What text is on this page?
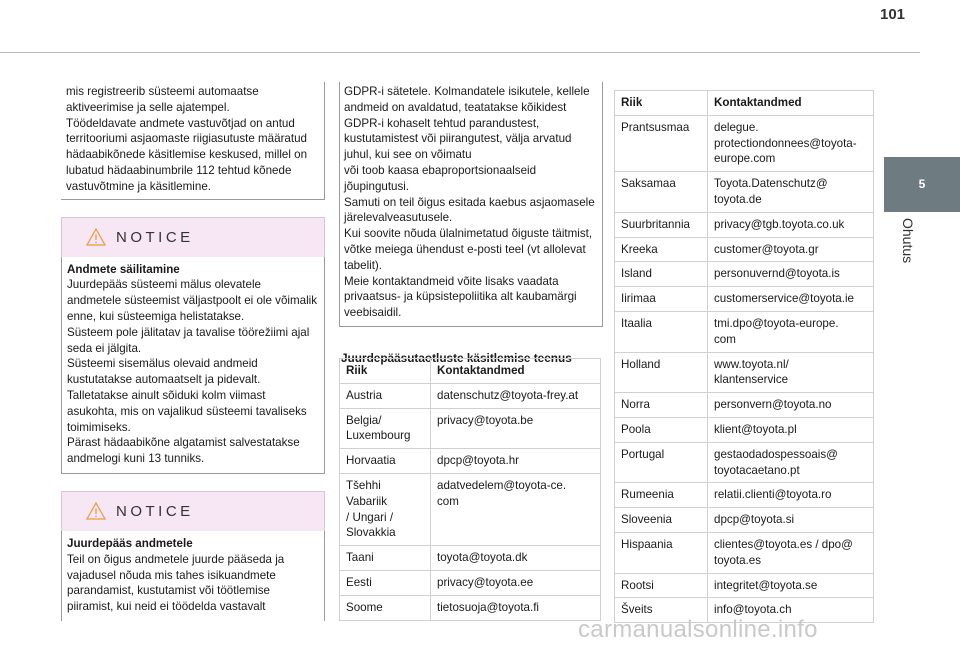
101
5
Ohutus
mis registreerib süsteemi automaatse aktiveerimise ja selle ajatempel.
Töödeldavate andmete vastuvõtjad on antud territooriumi asjaomaste riigiasutuste määratud hädaabikõnede käsitlemise keskused, millel on lubatud hädaabinumbrile 112 tehtud kõnede vastuvõtmine ja käsitlemine.
NOTICE
Andmete säilitamine
Juurdepääs süsteemi mälus olevatele andmetele süsteemist väljastpoolt ei ole võimalik enne, kui süsteemiga helistatakse.
Süsteem pole jälitatav ja tavalise töörežiimi ajal seda ei jälgita.
Süsteemi sisemälus olevaid andmeid kustutatakse automaatselt ja pidevalt. Talletatakse ainult sõiduki kolm viimast asukohta, mis on vajalikud süsteemi tavaliseks toimimiseks.
Pärast hädaabikõne algatamist salvestatakse andmelogi kuni 13 tunniks.
NOTICE
Juurdepääs andmetele
Teil on õigus andmetele juurde pääseda ja vajadusel nõuda mis tahes isikuandmete parandamist, kustutamist või töötlemise piiramist, kui neid ei töödelda vastavalt
GDPR-i sätetele. Kolmandatele isikutele, kellele andmeid on avaldatud, teatatakse kõikidest GDPR-i kohaselt tehtud parandustest, kustutamistest või piirangutest, välja arvatud juhul, kui see on võimatu
või toob kaasa ebaproportsionaalseid jõupingutusi.
Samuti on teil õigus esitada kaebus asjaomasele järelevalveasutusele.
Kui soovite nõuda ülalnimetatud õiguste täitmist, võtke meiega ühendust e-posti teel (vt allolevat tabelit).
Meie kontaktandmeid võite lisaks vaadata privaatsus- ja küpsistepoliitika alt kaubamärgi veebisaidil.
Juurdepääsutaotluste käsitlemise teenus
Riik	Kontaktandmed
Austria	datenschutz@toyota-frey.at
Belgia/
Luxembourg	privacy@toyota.be
Horvaatia	dpcp@toyota.hr
Tšehhi
Vabariik
/ Ungari /
Slovakkia	adatvedelem@toyota-ce.
com
Taani	toyota@toyota.dk
Eesti	privacy@toyota.ee
Soome	tietosuoja@toyota.fi
Riik	Kontaktandmed
Prantsusmaa	delegue.
protectiondonnees@toyota-
europe.com
Saksamaa	Toyota.Datenschutz@
toyota.de
Suurbritannia	privacy@tgb.toyota.co.uk
Kreeka	customer@toyota.gr
Island	personuvernd@toyota.is
Iirimaa	customerservice@toyota.ie
Itaalia	tmi.dpo@toyota-europe.
com
Holland	www.toyota.nl/
klantenservice
Norra	personvern@toyota.no
Poola	klient@toyota.pl
Portugal	gestaodadospessoais@
toyotacaetano.pt
Rumeenia	relatii.clienti@toyota.ro
Sloveenia	dpcp@toyota.si
Hispaania	clientes@toyota.es / dpo@
toyota.es
Rootsi	integritet@toyota.se
Šveits	info@toyota.ch
carmanualsonline.info
